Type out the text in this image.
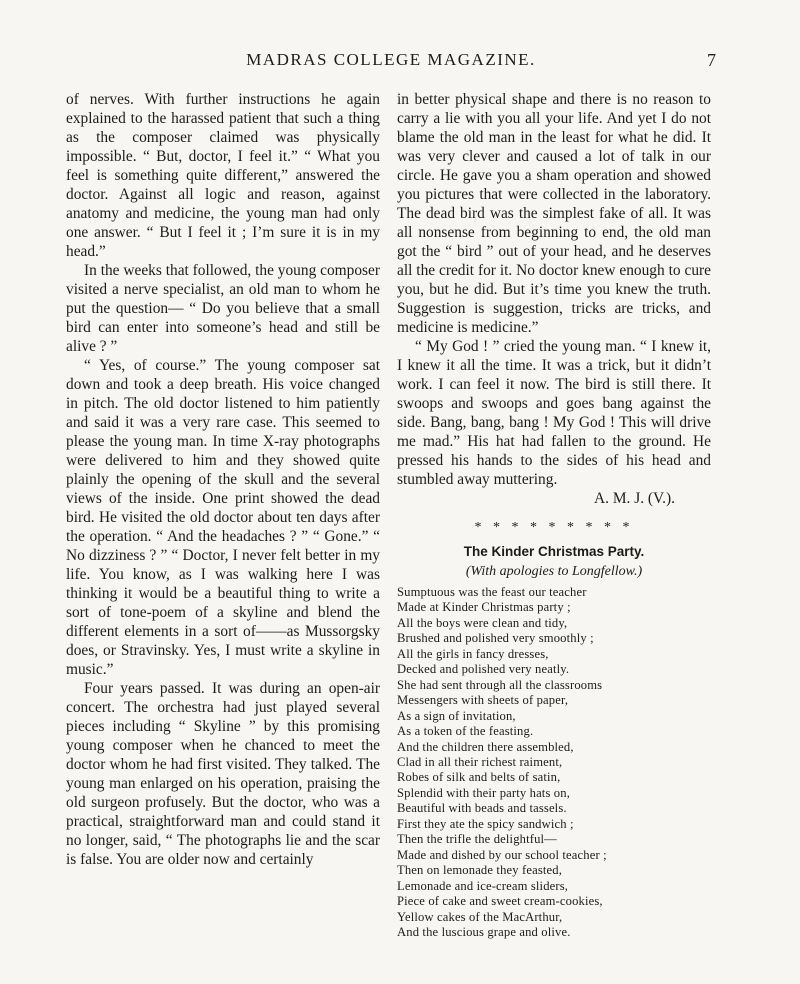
MADRAS COLLEGE MAGAZINE.	7

of nerves. With further instructions he again explained to the harassed patient that such a thing as the composer claimed was physically impossible. “ But, doctor, I feel it.” “ What you feel is something quite different,” answered the doctor. Against all logic and reason, against anatomy and medicine, the young man had only one answer. “ But I feel it ; I’m sure it is in my head.”

In the weeks that followed, the young composer visited a nerve specialist, an old man to whom he put the question— “ Do you believe that a small bird can enter into someone’s head and still be alive ? ”

“ Yes, of course.” The young composer sat down and took a deep breath. His voice changed in pitch. The old doctor listened to him patiently and said it was a very rare case. This seemed to please the young man. In time X-ray photographs were delivered to him and they showed quite plainly the opening of the skull and the several views of the inside. One print showed the dead bird. He visited the old doctor about ten days after the operation. “ And the headaches ? ” “ Gone.” “ No dizziness ? ” “ Doctor, I never felt better in my life. You know, as I was walking here I was thinking it would be a beautiful thing to write a sort of tone-poem of a skyline and blend the different elements in a sort of——as Mussorgsky does, or Stravinsky. Yes, I must write a skyline in music.”

Four years passed. It was during an open-air concert. The orchestra had just played several pieces including “ Skyline ” by this promising young composer when he chanced to meet the doctor whom he had first visited. They talked. The young man enlarged on his operation, praising the old surgeon profusely. But the doctor, who was a practical, straightforward man and could stand it no longer, said, “ The photographs lie and the scar is false. You are older now and certainly

in better physical shape and there is no reason to carry a lie with you all your life. And yet I do not blame the old man in the least for what he did. It was very clever and caused a lot of talk in our circle. He gave you a sham operation and showed you pictures that were collected in the laboratory. The dead bird was the simplest fake of all. It was all nonsense from beginning to end, the old man got the “ bird ” out of your head, and he deserves all the credit for it. No doctor knew enough to cure you, but he did. But it’s time you knew the truth. Suggestion is suggestion, tricks are tricks, and medicine is medicine.”

“ My God ! ” cried the young man. “ I knew it, I knew it all the time. It was a trick, but it didn’t work. I can feel it now. The bird is still there. It swoops and swoops and goes bang against the side. Bang, bang, bang ! My God ! This will drive me mad.” His hat had fallen to the ground. He pressed his hands to the sides of his head and stumbled away muttering.

A. M. J. (V.).

* * * * * * * * *
The Kinder Christmas Party.
(With apologies to Longfellow.)
Sumptuous was the feast our teacher
Made at Kinder Christmas party ;
All the boys were clean and tidy,
Brushed and polished very smoothly ;
All the girls in fancy dresses,
Decked and polished very neatly.
She had sent through all the classrooms
Messengers with sheets of paper,
As a sign of invitation,
As a token of the feasting.
And the children there assembled,
Clad in all their richest raiment,
Robes of silk and belts of satin,
Splendid with their party hats on,
Beautiful with beads and tassels.
First they ate the spicy sandwich ;
Then the trifle the delightful—
Made and dished by our school teacher ;
Then on lemonade they feasted,
Lemonade and ice-cream sliders,
Piece of cake and sweet cream-cookies,
Yellow cakes of the MacArthur,
And the luscious grape and olive.
